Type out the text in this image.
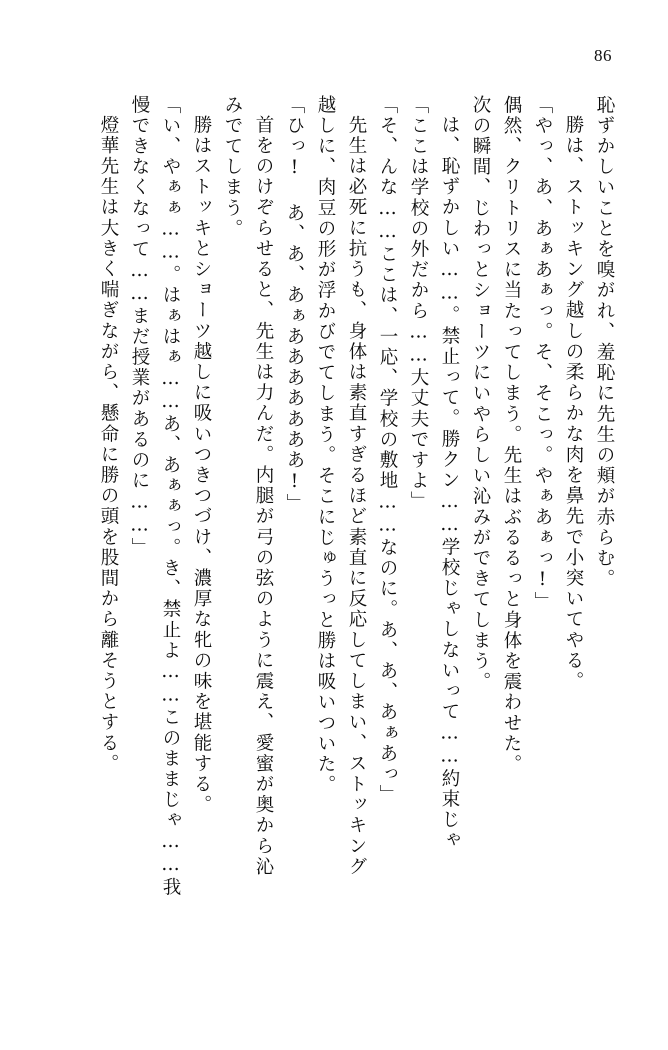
86
恥ずかしいことを嗅がれ、羞恥に先生の頬が赤らむ。
勝は、ストッキング越しの柔らかな肉を鼻先で小突いてやる。
「やっ、あ、あぁあぁっ。そ、そこっ。やぁあぁっ!」
偶然、クリトリスに当たってしまう。先生はぶるるっと身体を震わせた。
次の瞬間、じわっとショーツにいやらしい沁みができてしまう。
は、恥ずかしい……。禁止って。勝クン……学校じゃしないって……約束じゃ
「ここは学校の外だから……大丈夫ですよ」
「そ、んな……ここは、一応、学校の敷地……なのに。あ、あ、あぁあっ」
先生は必死に抗うも、身体は素直すぎるほど素直に反応してしまい、ストッキング
越しに、肉豆の形が浮かびでてしまう。そこにじゅうっと勝は吸いついた。
「ひっ! あ、あ、あぁあああああああ!」
首をのけぞらせると、先生は力んだ。内腿が弓の弦のように震え、愛蜜が奥から沁
みでてしまう。
勝はストッキとショーツ越しに吸いつきつづけ、濃厚な牝の味を堪能する。
「い、やぁぁ……。はぁはぁ……あ、あぁぁっ。き、禁止よ……このままじゃ……我
慢できなくなって……まだ授業があるのに……」
燈華先生は大きく喘ぎながら、懸命に勝の頭を股間から離そうとする。
